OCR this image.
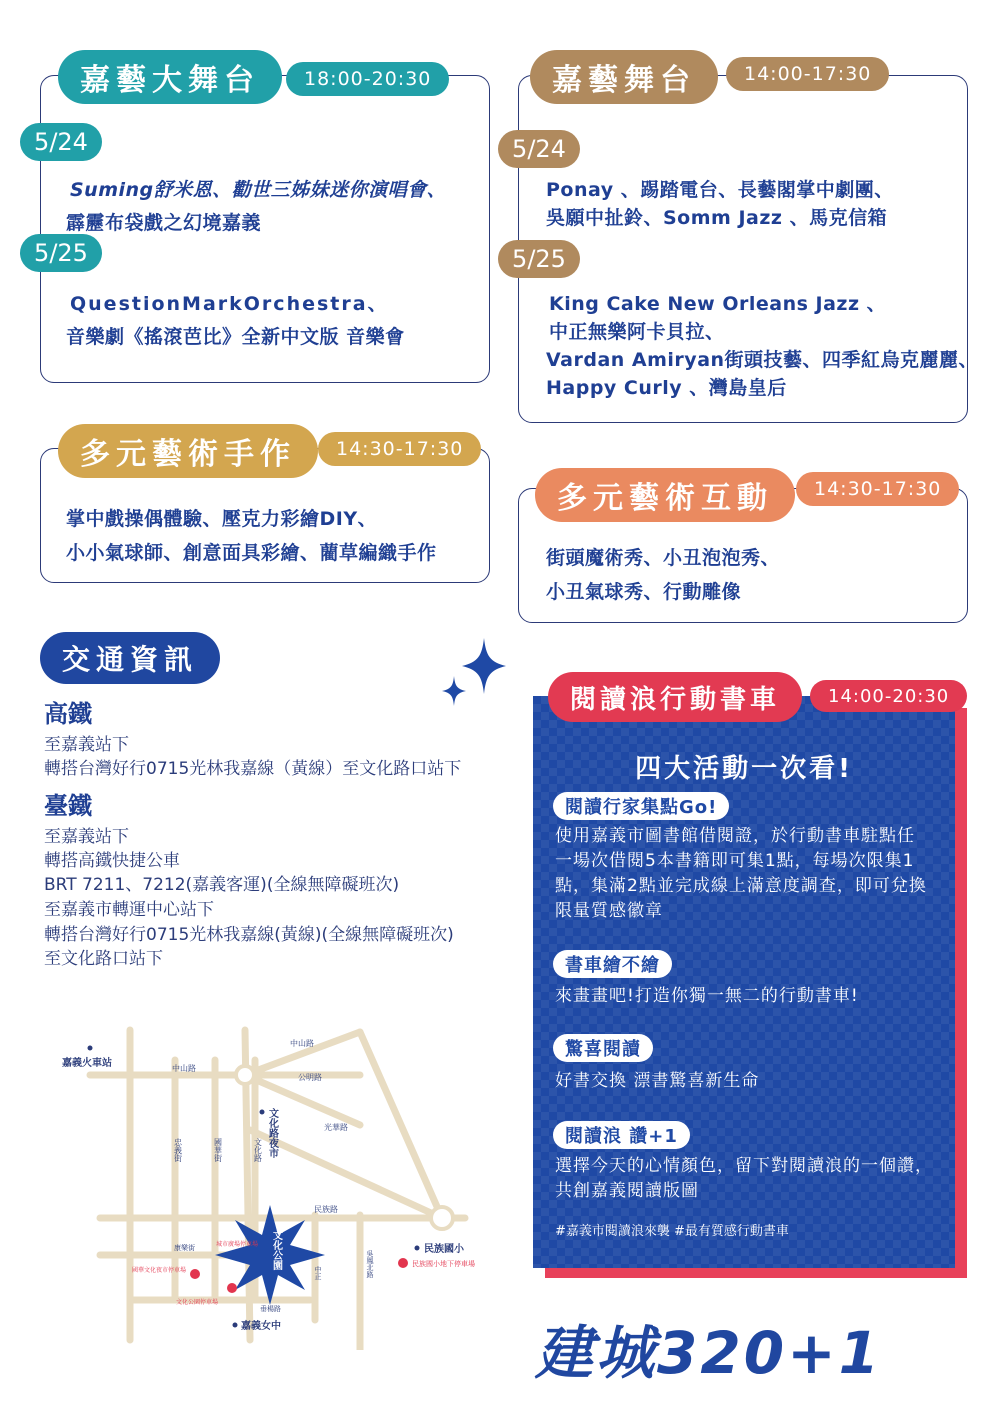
嘉藝大舞台	18:00-20:30
5/24
Suming舒米恩、勸世三姊妹迷你演唱會、
霹靂布袋戲之幻境嘉義
5/25
QuestionMarkOrchestra、
音樂劇《搖滾芭比》全新中文版 音樂會
嘉藝舞台	14:00-17:30
5/24
Ponay 、踢踏電台、長藝閣掌中劇團、
吳願中扯鈴、Somm Jazz 、馬克信箱
5/25
King Cake New Orleans Jazz 、
中正無樂阿卡貝拉、
Vardan Amiryan街頭技藝、四季紅烏克麗麗、
Happy Curly 、灣島皇后
多元藝術手作	14:30-17:30
掌中戲操偶體驗、壓克力彩繪DIY、
小小氣球師、創意面具彩繪、藺草編織手作
多元藝術互動	14:30-17:30
街頭魔術秀、小丑泡泡秀、
小丑氣球秀、行動雕像
交通資訊
高鐵
至嘉義站下
轉搭台灣好行0715光林我嘉線（黃線）至文化路口站下
臺鐵
至嘉義站下
轉搭高鐵快捷公車
BRT 7211、7212(嘉義客運)(全線無障礙班次)
至嘉義市轉運中心站下
轉搭台灣好行0715光林我嘉線(黃線)(全線無障礙班次)
至文化路口站下
四大活動一次看!
閱讀行家集點Go!
使用嘉義市圖書館借閱證，於行動書車駐點任
一場次借閱5本書籍即可集1點，每場次限集1
點，集滿2點並完成線上滿意度調查，即可兌換
限量質感徽章
書車繪不繪
來畫畫吧!打造你獨一無二的行動書車!
驚喜閱讀
好書交換 漂書驚喜新生命
閱讀浪 讚+1
選擇今天的心情顏色，留下對閱讀浪的一個讚，
共創嘉義閱讀版圖
#嘉義市閱讀浪來襲 #最有質感行動書車
閱讀浪行動書車	14:00-20:30
嘉義火車站	中山路
中山路
公明路
光華路
民族路
忠義街	國華街	文化路 文化路夜市
文化公園
康樂街	城市廣場停車場
國華文化夜市停車場
文化公園停車場
中正
垂楊路
吳鳳北路
民族國小
民族國小地下停車場
嘉義女中	建城320+1
